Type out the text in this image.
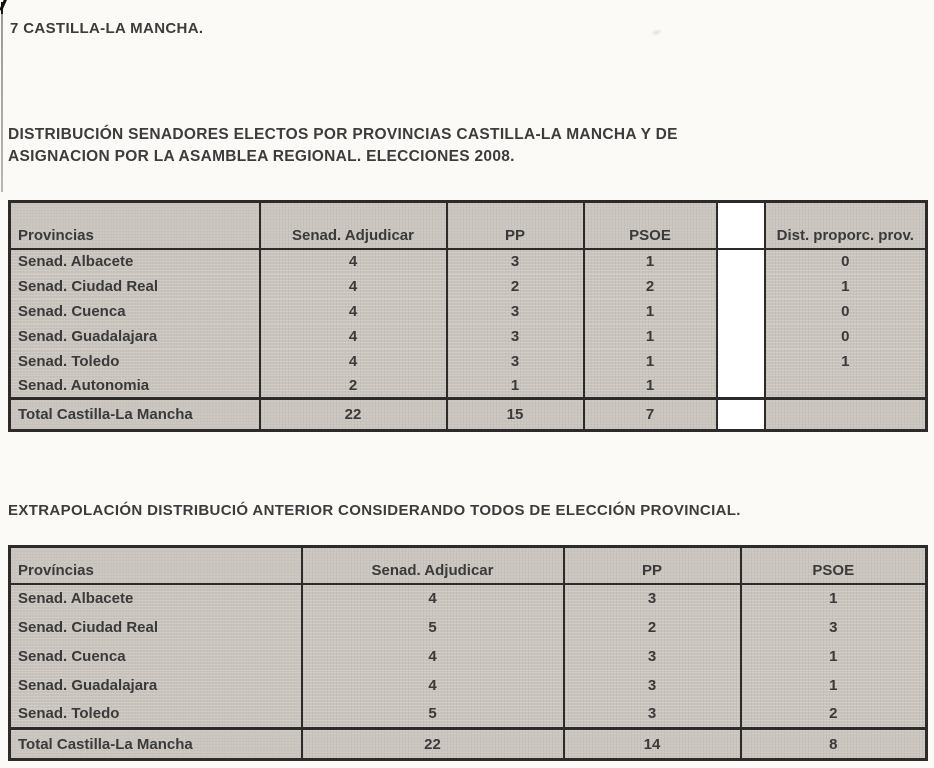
7 CASTILLA-LA MANCHA.
DISTRIBUCIÓN SENADORES ELECTOS POR PROVINCIAS CASTILLA-LA MANCHA Y DE
ASIGNACION POR LA ASAMBLEA REGIONAL. ELECCIONES 2008.
EXTRAPOLACIÓN DISTRIBUCIÓ ANTERIOR CONSIDERANDO TODOS DE ELECCIÓN PROVINCIAL.
Provincias	Senad. Adjudicar	PP	PSOE		Dist. proporc. prov.
Senad. Albacete	4	3	1		0
Senad. Ciudad Real	4	2	2		1
Senad. Cuenca	4	3	1		0
Senad. Guadalajara	4	3	1		0
Senad. Toledo	4	3	1		1
Senad. Autonomia	2	1	1		
Total Castilla-La Mancha	22	15	7		
Províncias	Senad. Adjudicar	PP	PSOE
Senad. Albacete	4	3	1
Senad. Ciudad Real	5	2	3
Senad. Cuenca	4	3	1
Senad. Guadalajara	4	3	1
Senad. Toledo	5	3	2
Total Castilla-La Mancha	22	14	8
